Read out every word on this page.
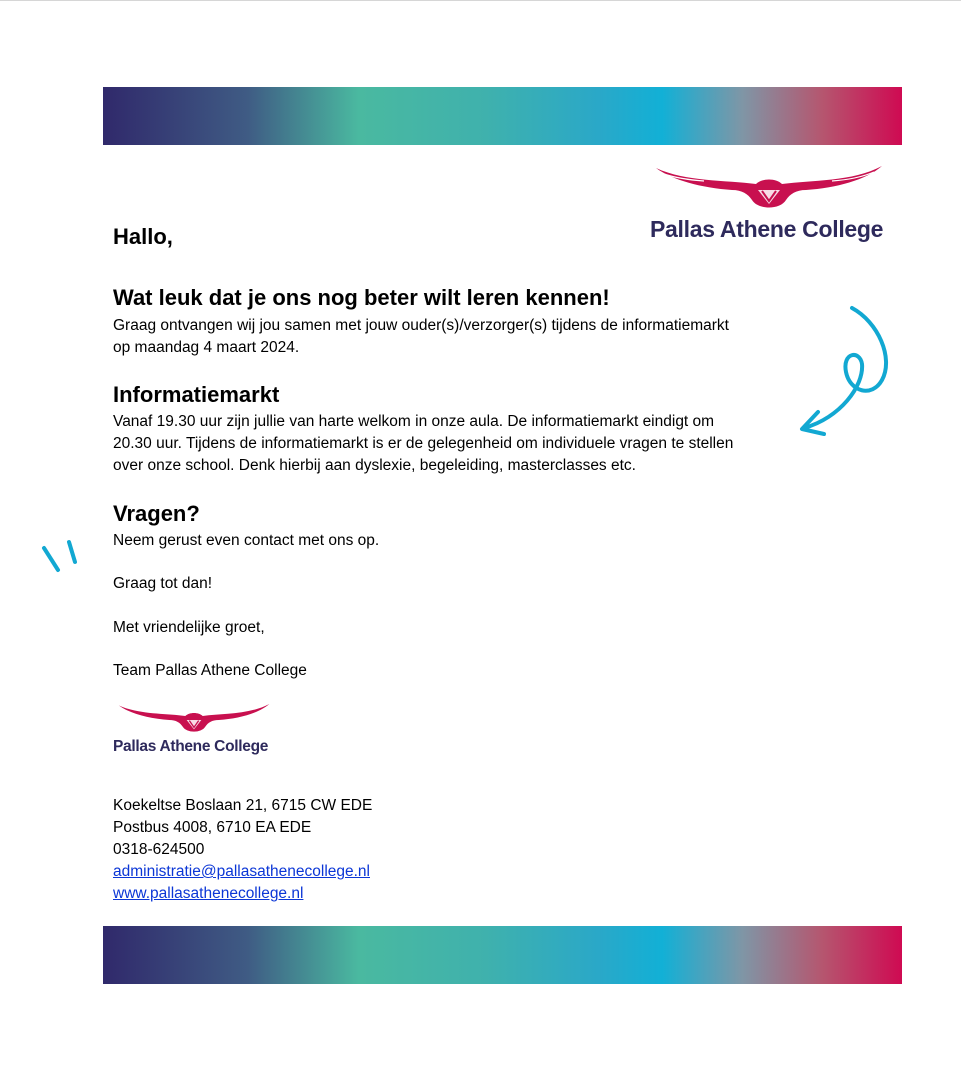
Pallas Athene College
Hallo,
Wat leuk dat je ons nog beter wilt leren kennen!
Graag ontvangen wij jou samen met jouw ouder(s)/verzorger(s) tijdens de informatiemarkt
op maandag 4 maart 2024.
Informatiemarkt
Vanaf 19.30 uur zijn jullie van harte welkom in onze aula. De informatiemarkt eindigt om
20.30 uur. Tijdens de informatiemarkt is er de gelegenheid om individuele vragen te stellen
over onze school. Denk hierbij aan dyslexie, begeleiding, masterclasses etc.
Vragen?
Neem gerust even contact met ons op.
Graag tot dan!
Met vriendelijke groet,
Team Pallas Athene College
Koekeltse Boslaan 21, 6715 CW EDE
Postbus 4008, 6710 EA EDE
0318-624500
administratie@pallasathenecollege.nl
www.pallasathenecollege.nl
Pallas Athene College
